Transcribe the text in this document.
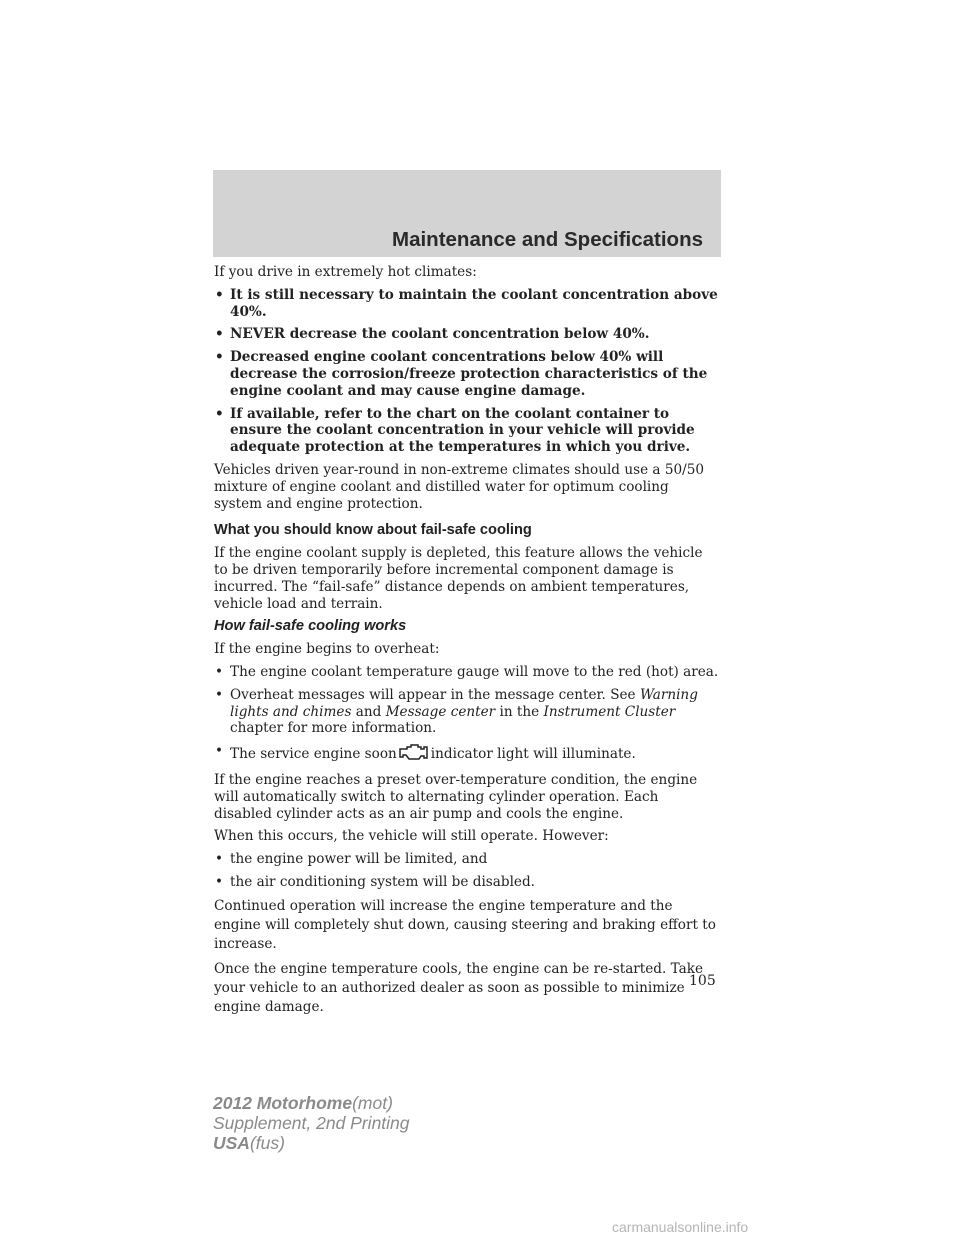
Maintenance and Specifications

If you drive in extremely hot climates:

• It is still necessary to maintain the coolant concentration above 40%.
• NEVER decrease the coolant concentration below 40%.
• Decreased engine coolant concentrations below 40% will decrease the corrosion/freeze protection characteristics of the engine coolant and may cause engine damage.
• If available, refer to the chart on the coolant container to ensure the coolant concentration in your vehicle will provide adequate protection at the temperatures in which you drive.

Vehicles driven year-round in non-extreme climates should use a 50/50 mixture of engine coolant and distilled water for optimum cooling system and engine protection.

What you should know about fail-safe cooling

If the engine coolant supply is depleted, this feature allows the vehicle to be driven temporarily before incremental component damage is incurred. The “fail-safe” distance depends on ambient temperatures, vehicle load and terrain.

How fail-safe cooling works

If the engine begins to overheat:

• The engine coolant temperature gauge will move to the red (hot) area.
• Overheat messages will appear in the message center. See Warning lights and chimes and Message center in the Instrument Cluster chapter for more information.
• The service engine soon	indicator light will illuminate.

If the engine reaches a preset over-temperature condition, the engine will automatically switch to alternating cylinder operation. Each disabled cylinder acts as an air pump and cools the engine.

When this occurs, the vehicle will still operate. However:

• the engine power will be limited, and
• the air conditioning system will be disabled.

Continued operation will increase the engine temperature and the engine will completely shut down, causing steering and braking effort to increase.

Once the engine temperature cools, the engine can be re-started. Take your vehicle to an authorized dealer as soon as possible to minimize engine damage.

105
2012 Motorhome(mot)
Supplement, 2nd Printing
USA(fus)
carmanualsonline.info
